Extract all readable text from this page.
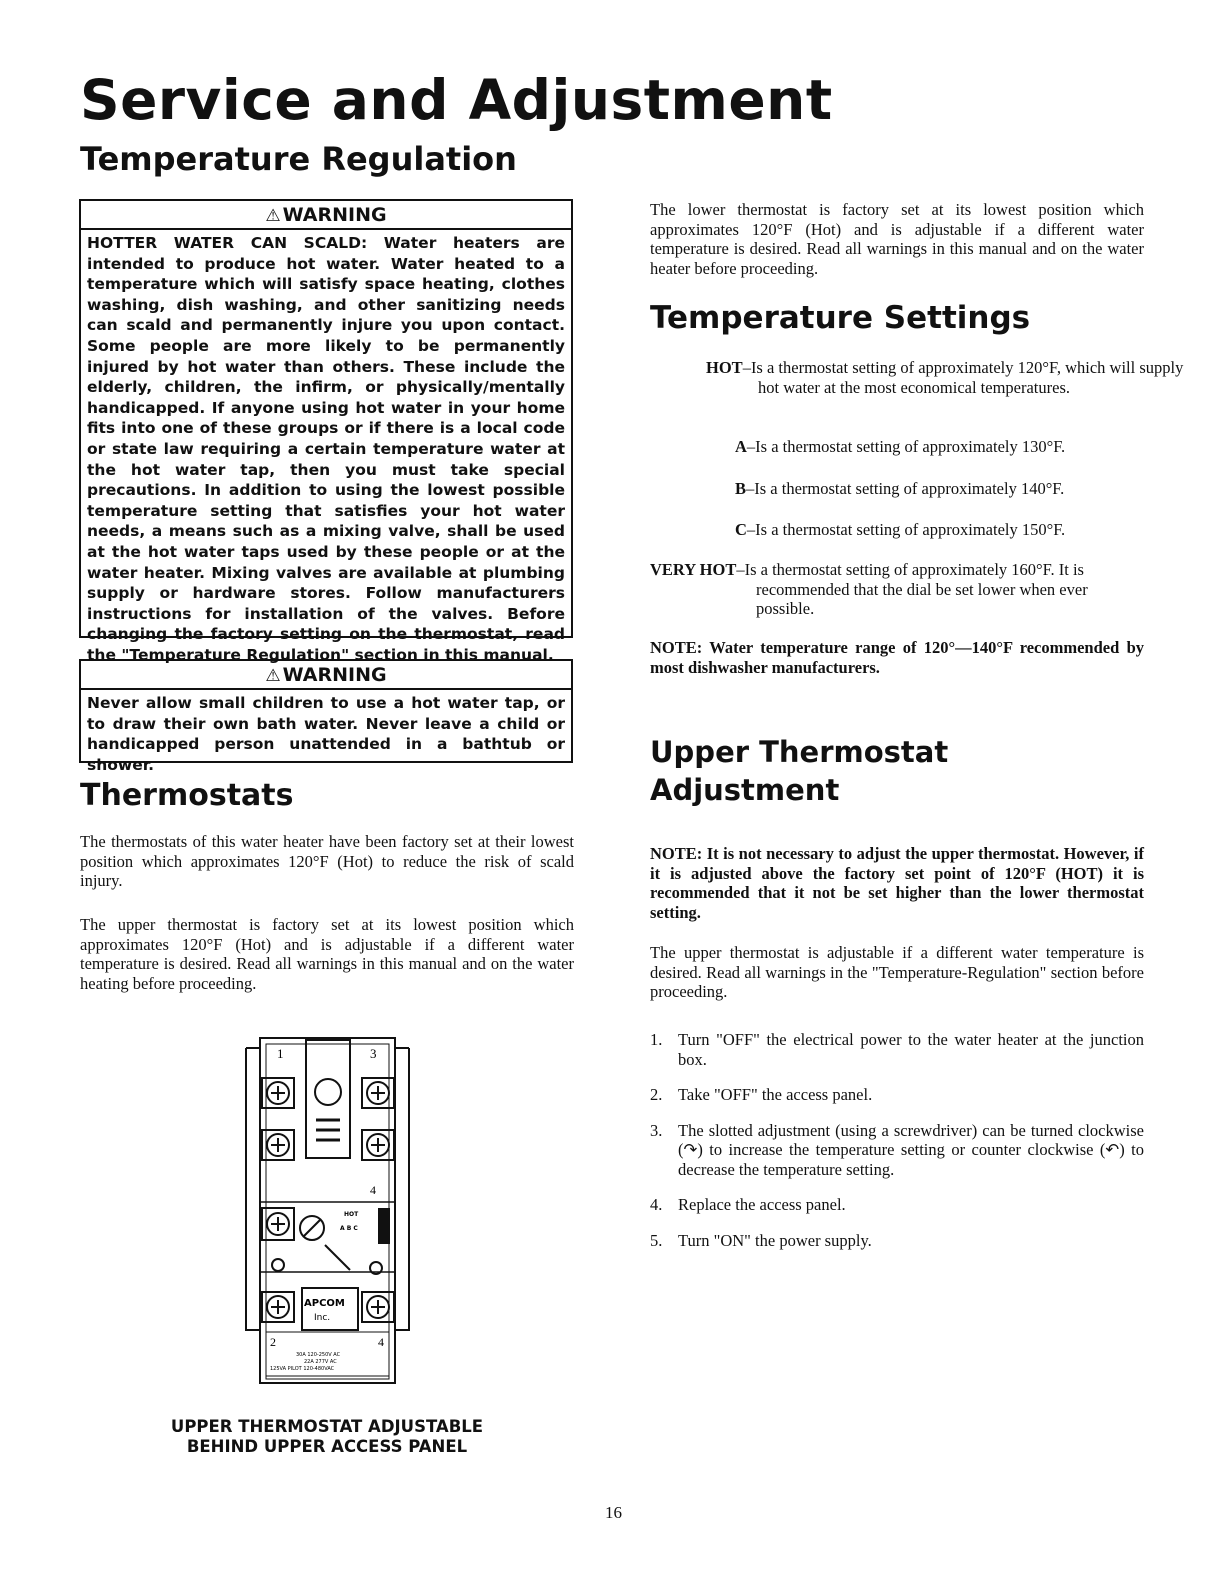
Service and Adjustment
Temperature Regulation
⚠ WARNING
HOTTER WATER CAN SCALD: Water heaters are intended to produce hot water. Water heated to a temperature which will satisfy space heating, clothes washing, dish washing, and other sanitizing needs can scald and permanently injure you upon contact. Some people are more likely to be permanently injured by hot water than others. These include the elderly, children, the infirm, or physically/mentally handicapped. If anyone using hot water in your home fits into one of these groups or if there is a local code or state law requiring a certain temperature water at the hot water tap, then you must take special precautions. In addition to using the lowest possible temperature setting that satisfies your hot water needs, a means such as a mixing valve, shall be used at the hot water taps used by these people or at the water heater. Mixing valves are available at plumbing supply or hardware stores. Follow manufacturers instructions for installation of the valves. Before changing the factory setting on the thermostat, read the "Temperature Regulation" section in this manual.
⚠ WARNING
Never allow small children to use a hot water tap, or to draw their own bath water. Never leave a child or handicapped person unattended in a bathtub or shower.
Thermostats

The thermostats of this water heater have been factory set at their lowest position which approximates 120°F (Hot) to reduce the risk of scald injury.

The upper thermostat is factory set at its lowest position which approximates 120°F (Hot) and is adjustable if a different water temperature is desired. Read all warnings in this manual and on the water heating before proceeding.

1	3
4
2	4
HOT
A B C
APCOM
Inc.
30A 120-250V AC
22A 277V AC
125VA PILOT 120-480VAC
UPPER THERMOSTAT ADJUSTABLE
BEHIND UPPER ACCESS PANEL

The lower thermostat is factory set at its lowest position which approximates 120°F (Hot) and is adjustable if a different water temperature is desired. Read all warnings in this manual and on the water heater before proceeding.

Temperature Settings
HOT–Is a thermostat setting of approximately 120°F, which will supply hot water at the most economical temperatures.
A–Is a thermostat setting of approximately 130°F.
B–Is a thermostat setting of approximately 140°F.
C–Is a thermostat setting of approximately 150°F.
VERY HOT–Is a thermostat setting of approximately 160°F. It is recommended that the dial be set lower when ever possible.

NOTE: Water temperature range of 120°—140°F recommended by most dishwasher manufacturers.

Upper Thermostat
Adjustment

NOTE: It is not necessary to adjust the upper thermostat. However, if it is adjusted above the factory set point of 120°F (HOT) it is recommended that it not be set higher than the lower thermostat setting.

The upper thermostat is adjustable if a different water temperature is desired. Read all warnings in the "Temperature-Regulation" section before proceeding.

1. Turn "OFF" the electrical power to the water heater at the junction box.
2. Take "OFF" the access panel.
3. The slotted adjustment (using a screwdriver) can be turned clockwise (↷) to increase the temperature setting or counter clockwise (↶) to decrease the temperature setting.
4. Replace the access panel.
5. Turn "ON" the power supply.
16
